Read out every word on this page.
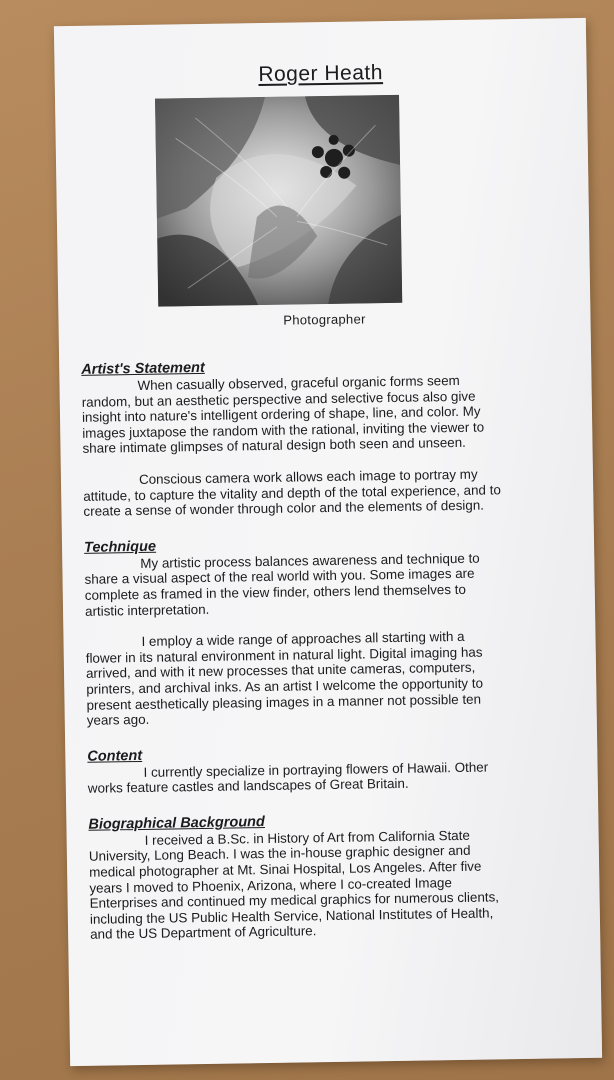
Roger Heath
Photographer
Artist's Statement

When casually observed, graceful organic forms seem random, but an aesthetic perspective and selective focus also give insight into nature's intelligent ordering of shape, line, and color. My images juxtapose the random with the rational, inviting the viewer to share intimate glimpses of natural design both seen and unseen.

Conscious camera work allows each image to portray my attitude, to capture the vitality and depth of the total experience, and to create a sense of wonder through color and the elements of design.

Technique

My artistic process balances awareness and technique to share a visual aspect of the real world with you. Some images are complete as framed in the view finder, others lend themselves to artistic interpretation.

I employ a wide range of approaches all starting with a flower in its natural environment in natural light. Digital imaging has arrived, and with it new processes that unite cameras, computers, printers, and archival inks. As an artist I welcome the opportunity to present aesthetically pleasing images in a manner not possible ten years ago.

Content

I currently specialize in portraying flowers of Hawaii. Other works feature castles and landscapes of Great Britain.

Biographical Background

I received a B.Sc. in History of Art from California State University, Long Beach. I was the in-house graphic designer and medical photographer at Mt. Sinai Hospital, Los Angeles. After five years I moved to Phoenix, Arizona, where I co-created Image Enterprises and continued my medical graphics for numerous clients, including the US Public Health Service, National Institutes of Health, and the US Department of Agriculture.
